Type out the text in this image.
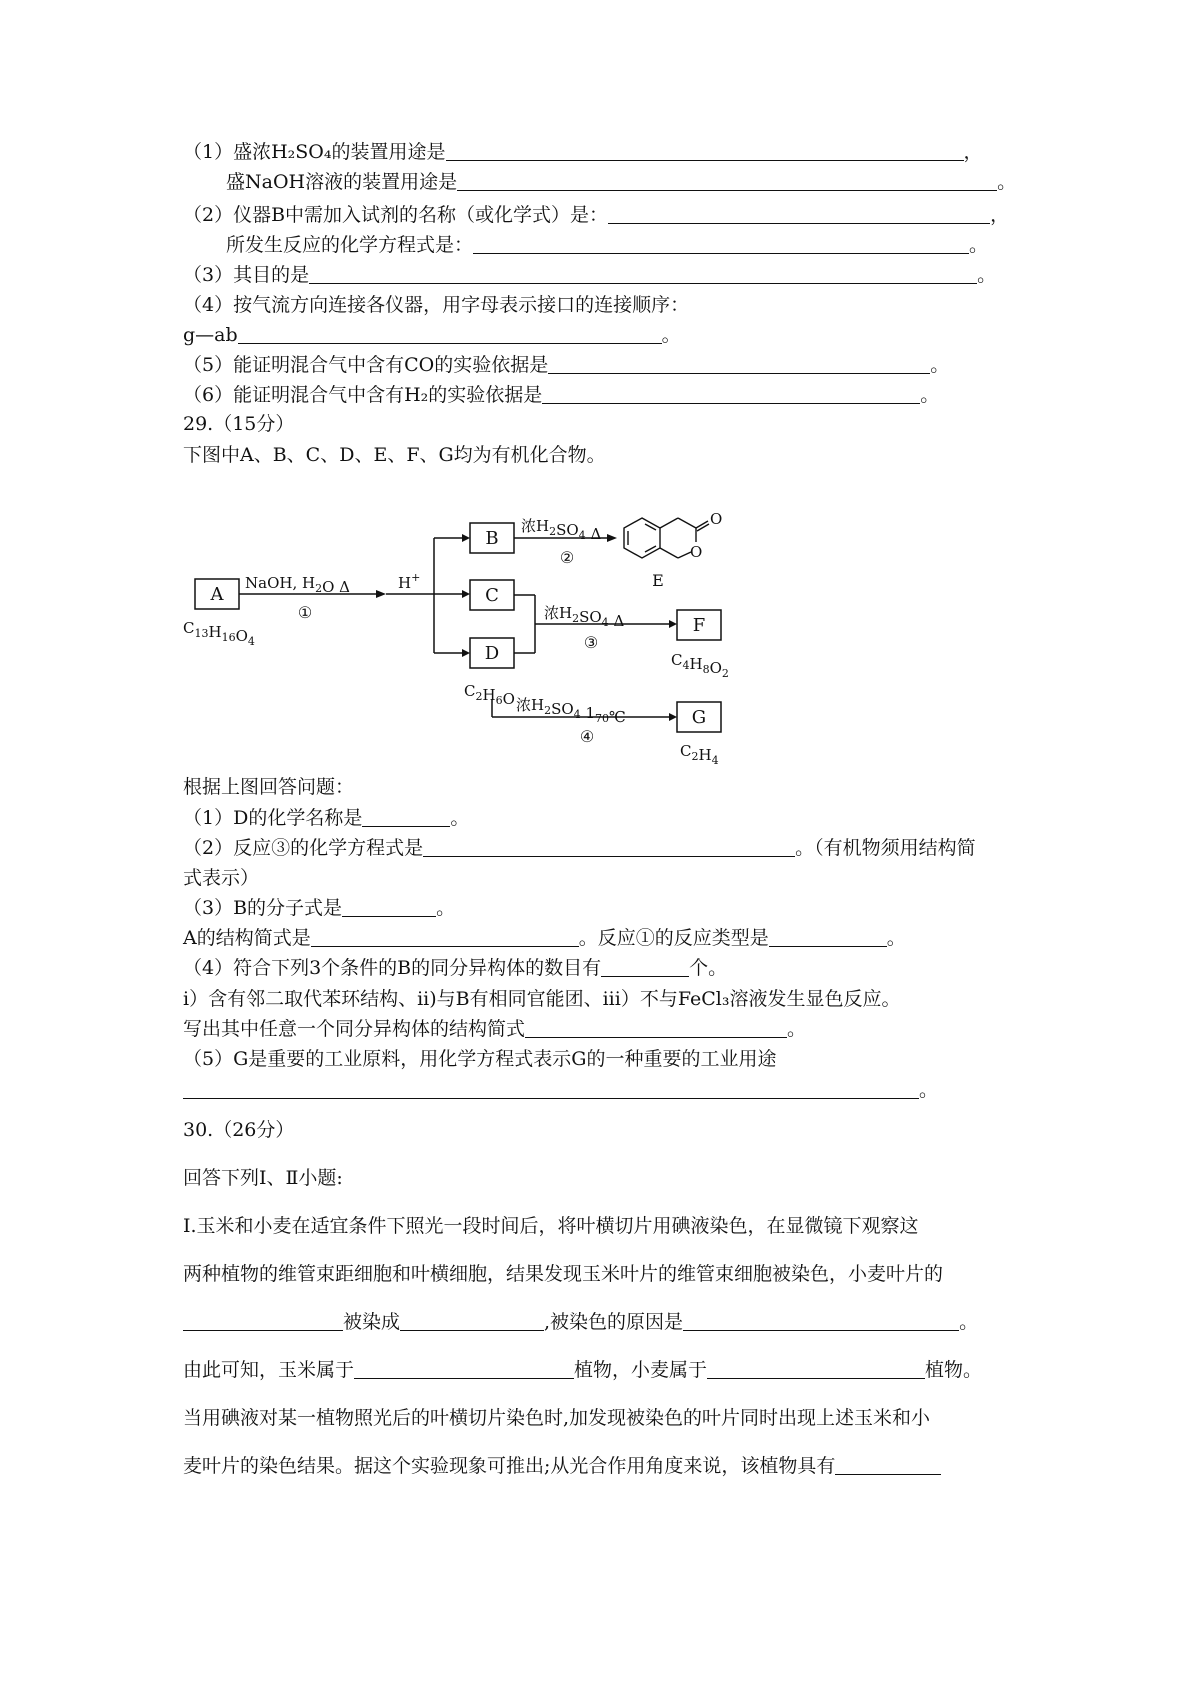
（1）盛浓H₂SO₄的装置用途是	，
盛NaOH溶液的装置用途是	。
（2）仪器B中需加入试剂的名称（或化学式）是：	，
所发生反应的化学方程式是：	。
（3）其目的是	。
（4）按气流方向连接各仪器，用字母表示接口的连接顺序：
g—ab	。
（5）能证明混合气中含有CO的实验依据是	。
（6）能证明混合气中含有H₂的实验依据是	。
29.（15分）
下图中A、B、C、D、E、F、G均为有机化合物。
A
B
C
D
F
G
$C_{13}H_{16}O_4$
$C_2H_6O$
$C_4H_8O_2$
$C_2H_4$
NaOH, $H_2O$ Δ
①
H+
浓$H_2SO_4$ Δ
②
O
O
E
浓$H_2SO_4$ Δ
③
浓$H_2SO_4$ $1_{70}℃$
④
根据上图回答问题：
（1）D的化学名称是	。
（2）反应③的化学方程式是	。（有机物须用结构简
式表示）
（3）B的分子式是	。
A的结构简式是	。反应①的反应类型是	。
（4）符合下列3个条件的B的同分异构体的数目有	个。
i）含有邻二取代苯环结构、ii)与B有相同官能团、iii）不与FeCl₃溶液发生显色反应。
写出其中任意一个同分异构体的结构简式	。
（5）G是重要的工业原料，用化学方程式表示G的一种重要的工业用途
。
30.（26分）
回答下列Ⅰ、Ⅱ小题:
Ⅰ.玉米和小麦在适宜条件下照光一段时间后，将叶横切片用碘液染色，在显微镜下观察这
两种植物的维管束距细胞和叶横细胞，结果发现玉米叶片的维管束细胞被染色，小麦叶片的
被染成	,被染色的原因是	。
由此可知，玉米属于	植物，小麦属于	植物。
当用碘液对某一植物照光后的叶横切片染色时,加发现被染色的叶片同时出现上述玉米和小
麦叶片的染色结果。据这个实验现象可推出;从光合作用角度来说，该植物具有
